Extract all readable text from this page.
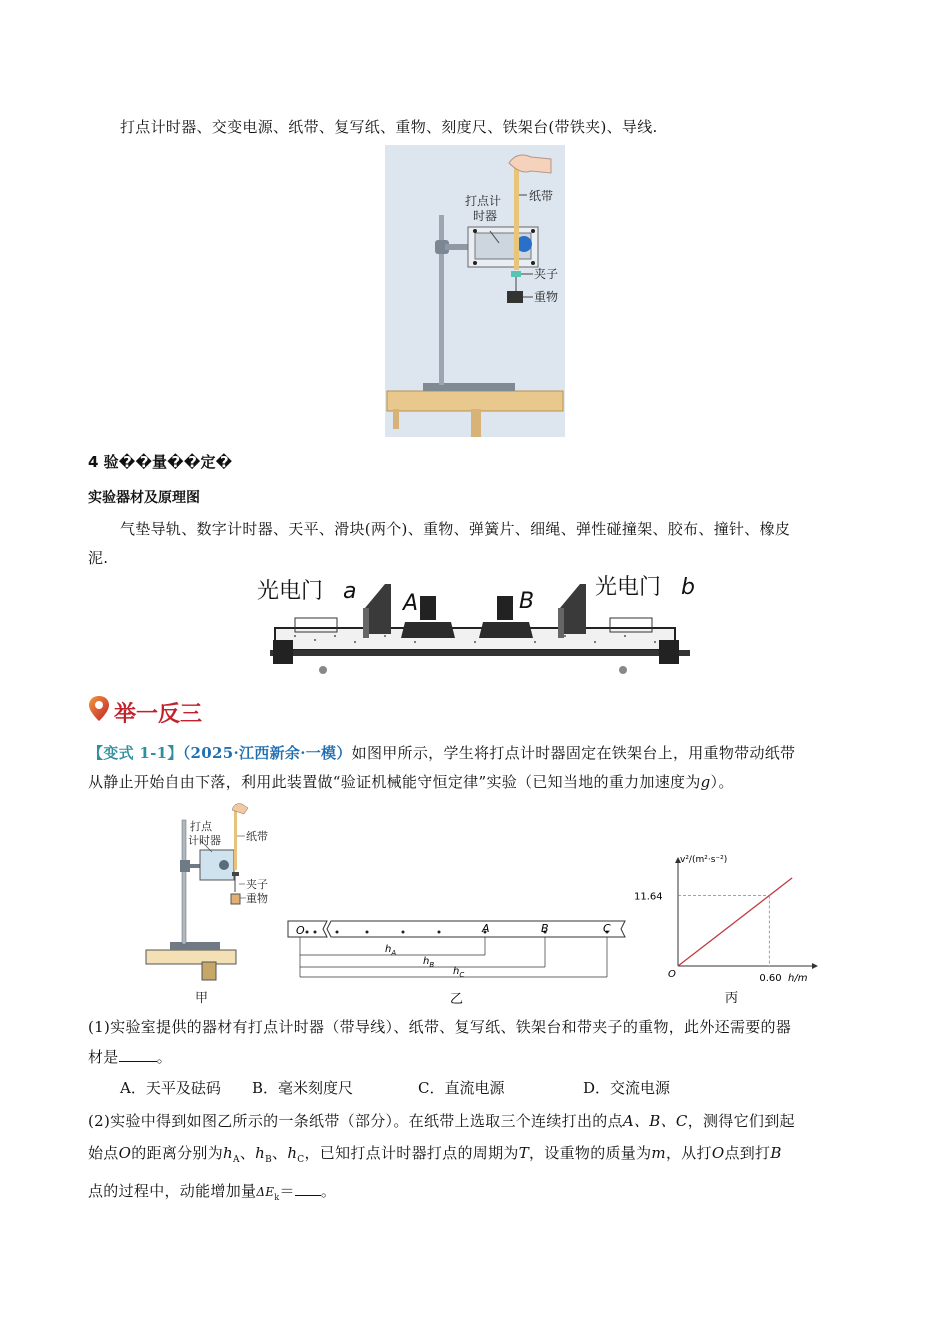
打点计时器、交变电源、纸带、复写纸、重物、刻度尺、铁架台(带铁夹)、导线.
打点计
时器
纸带
夹子
重物
4 验��量��定�
实验器材及原理图
气垫导轨、数字计时器、天平、滑块(两个)、重物、弹簧片、细绳、弹性碰撞架、胶布、撞针、橡皮
泥.
光电门 a	光电门 b
A	B
举一反三
【变式 1-1】（2025·江西新余·一模）如图甲所示，学生将打点计时器固定在铁架台上，用重物带动纸带
从静止开始自由下落，利用此装置做“验证机械能守恒定律”实验（已知当地的重力加速度为g）。
打点
计时器 纸带
夹子
重物
甲
O	A	B	C
$h_A$
$h_B$
$h_C$
乙
v²/(m²·s⁻²)
h/m
O
11.64
0.60
丙
(1)实验室提供的器材有打点计时器（带导线）、纸带、复写纸、铁架台和带夹子的重物，此外还需要的器
材是	。
A．天平及砝码 B．毫米刻度尺	C．直流电源	D．交流电源
(2)实验中得到如图乙所示的一条纸带（部分）。在纸带上选取三个连续打出的点A、B、C，测得它们到起
始点O的距离分别为$h_A$、$h_B$、$h_C$，已知打点计时器打点的周期为T，设重物的质量为m，从打O点到打B
点的过程中，动能增加量$\Delta E_k=$ 。
